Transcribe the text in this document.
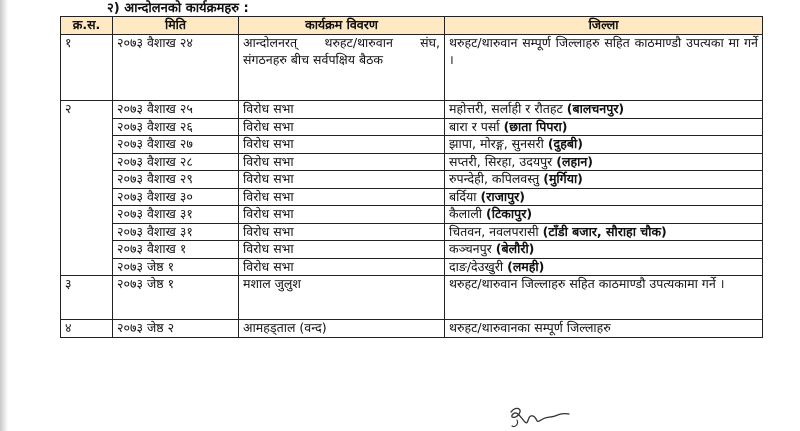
२) आन्दोलनको कार्यक्रमहरु :
क्र.स.	मिति	कार्यक्रम विवरण	जिल्ला
१	२०७३ वैशाख २४	आन्दोलनरत् थरुहट/थारुवान संघ, संगठनहरु बीच सर्वपक्षिय बैठक	थरुहट/थारुवान सम्पूर्ण जिल्लाहरु सहित काठमाण्डौ उपत्यका मा गर्ने ।
२	२०७३ वैशाख २५	विरोध सभा	महोत्तरी, सर्लाही र रौतहट (बालचनपुर)
	२०७३ वैशाख २६	विरोध सभा	बारा र पर्सा (छाता पिपरा)
	२०७३ वैशाख २७	विरोध सभा	झापा, मोरङ्ग, सुनसरी (दुहबी)
	२०७३ वैशाख २८	विरोध सभा	सप्तरी, सिरहा, उदयपुर (लहान)
	२०७३ वैशाख २९	विरोध सभा	रुपन्देही, कपिलवस्तु (मुर्गिया)
	२०७३ वैशाख ३०	विरोध सभा	बर्दिया (राजापुर)
	२०७३ वैशाख ३१	विरोध सभा	कैलाली (टिकापुर)
	२०७३ वैशाख ३१	विरोध सभा	चितवन, नवलपरासी (टाँडी बजार, सौराहा चौक)
	२०७३ वैशाख १	विरोध सभा	कञ्चनपुर (बेलौरी)
	२०७३ जेष्ठ १	विरोध सभा	दाङ/देउखुरी (लमही)
३	२०७३ जेष्ठ १	मशाल जुलुश	थरुहट/थारुवान जिल्लाहरु सहित काठमाण्डौ उपत्यकामा गर्ने ।
४	२०७३ जेष्ठ २	आमहड्ताल (वन्द)	थरुहट/थारुवानका सम्पूर्ण जिल्लाहरु
